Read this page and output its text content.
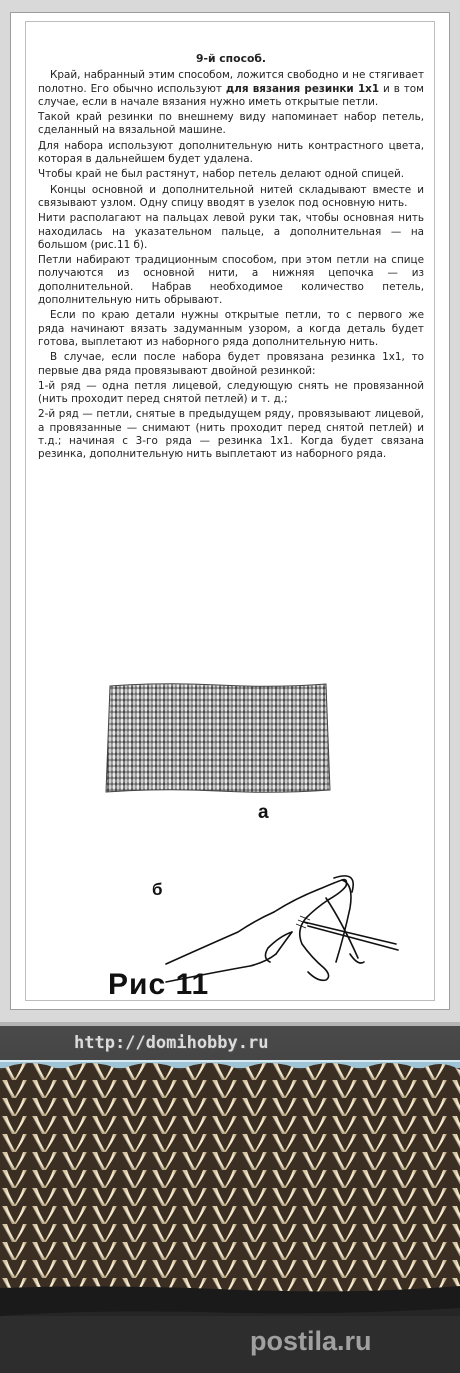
9-й способ.

Край, набранный этим способом, ложится свободно и не стягивает полотно. Его обычно используют для вязания резинки 1х1 и в том случае, если в начале вязания нужно иметь открытые петли.

Такой край резинки по внешнему виду напоминает набор петель, сделанный на вязальной машине.

Для набора используют дополнительную нить контрастного цвета, которая в дальнейшем будет удалена.

Чтобы край не был растянут, набор петель делают одной спицей.

Концы основной и дополнительной нитей складывают вместе и связывают узлом. Одну спицу вводят в узелок под основную нить.

Нити располагают на пальцах левой руки так, чтобы основная нить находилась на указательном пальце, а дополнительная — на большом (рис.11 б).

Петли набирают традиционным способом, при этом петли на спице получаются из основной нити, а нижняя цепочка — из дополнительной. Набрав необходимое количество петель, дополнительную нить обрывают.

Если по краю детали нужны открытые петли, то с первого же ряда начинают вязать задуманным узором, а когда деталь будет готова, выплетают из наборного ряда дополнительную нить.

В случае, если после набора будет провязана резинка 1х1, то первые два ряда провязывают двойной резинкой:

1-й ряд — одна петля лицевой, следующую снять не провязанной (нить проходит перед снятой петлей) и т. д.;

2-й ряд — петли, снятые в предыдущем ряду, провязывают лицевой, а провязанные — снимают (нить проходит перед снятой петлей) и т.д.; начиная с 3-го ряда — резинка 1х1. Когда будет связана резинка, дополнительную нить выплетают из наборного ряда.

а
б
Рис 11
http://domihobby.ru
postila.ru
